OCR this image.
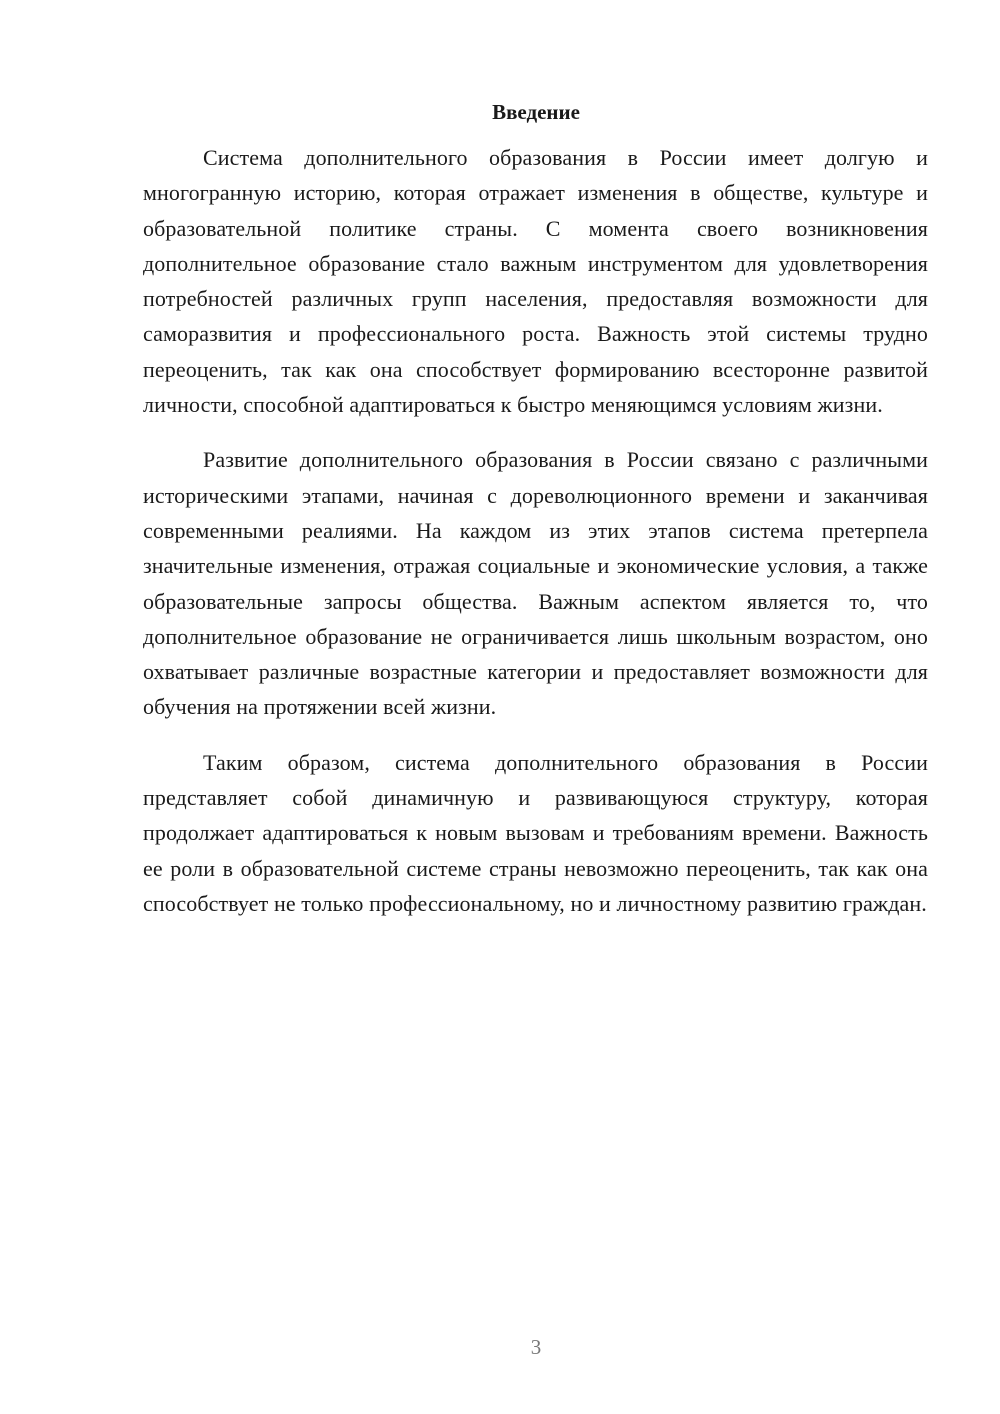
Введение

Система дополнительного образования в России имеет долгую и многогранную историю, которая отражает изменения в обществе, культуре и образовательной политике страны. С момента своего возникновения дополнительное образование стало важным инструментом для удовлетворения потребностей различных групп населения, предоставляя возможности для саморазвития и профессионального роста. Важность этой системы трудно переоценить, так как она способствует формированию всесторонне развитой личности, способной адаптироваться к быстро меняющимся условиям жизни.

Развитие дополнительного образования в России связано с различными историческими этапами, начиная с дореволюционного времени и заканчивая современными реалиями. На каждом из этих этапов система претерпела значительные изменения, отражая социальные и экономические условия, а также образовательные запросы общества. Важным аспектом является то, что дополнительное образование не ограничивается лишь школьным возрастом, оно охватывает различные возрастные категории и предоставляет возможности для обучения на протяжении всей жизни.

Таким образом, система дополнительного образования в России представляет собой динамичную и развивающуюся структуру, которая продолжает адаптироваться к новым вызовам и требованиям времени. Важность ее роли в образовательной системе страны невозможно переоценить, так как она способствует не только профессиональному, но и личностному развитию граждан.

3
